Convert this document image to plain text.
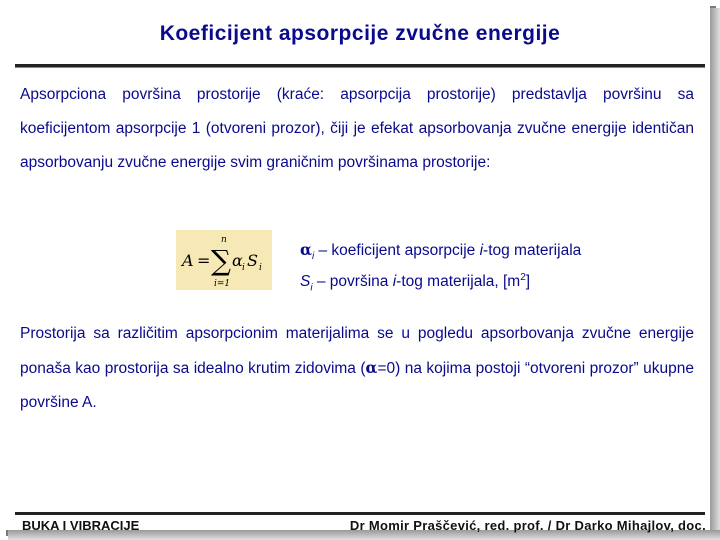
Koeficijent apsorpcije zvučne energije
Apsorpciona površina prostorije (kraće: apsorpcija prostorije) predstavlja površinu sa koeficijentom apsorpcije 1 (otvoreni prozor), čiji je efekat apsorbovanja zvučne energije identičan apsorbovanju zvučne energije svim graničnim površinama prostorije:
A = ∑
n
i=1
α i S i
$\alpha_i$ – koeficijent apsorpcije i-tog materijala
$S_i$ – površina i-tog materijala, $[m^2]$
Prostorija sa različitim apsorpcionim materijalima se u pogledu apsorbovanja zvučne energije ponaša kao prostorija sa idealno krutim zidovima (α=0) na kojima postoji “otvoreni prozor” ukupne površine A.
BUKA I VIBRACIJE	Dr Momir Praščević, red. prof. / Dr Darko Mihajlov, doc.
